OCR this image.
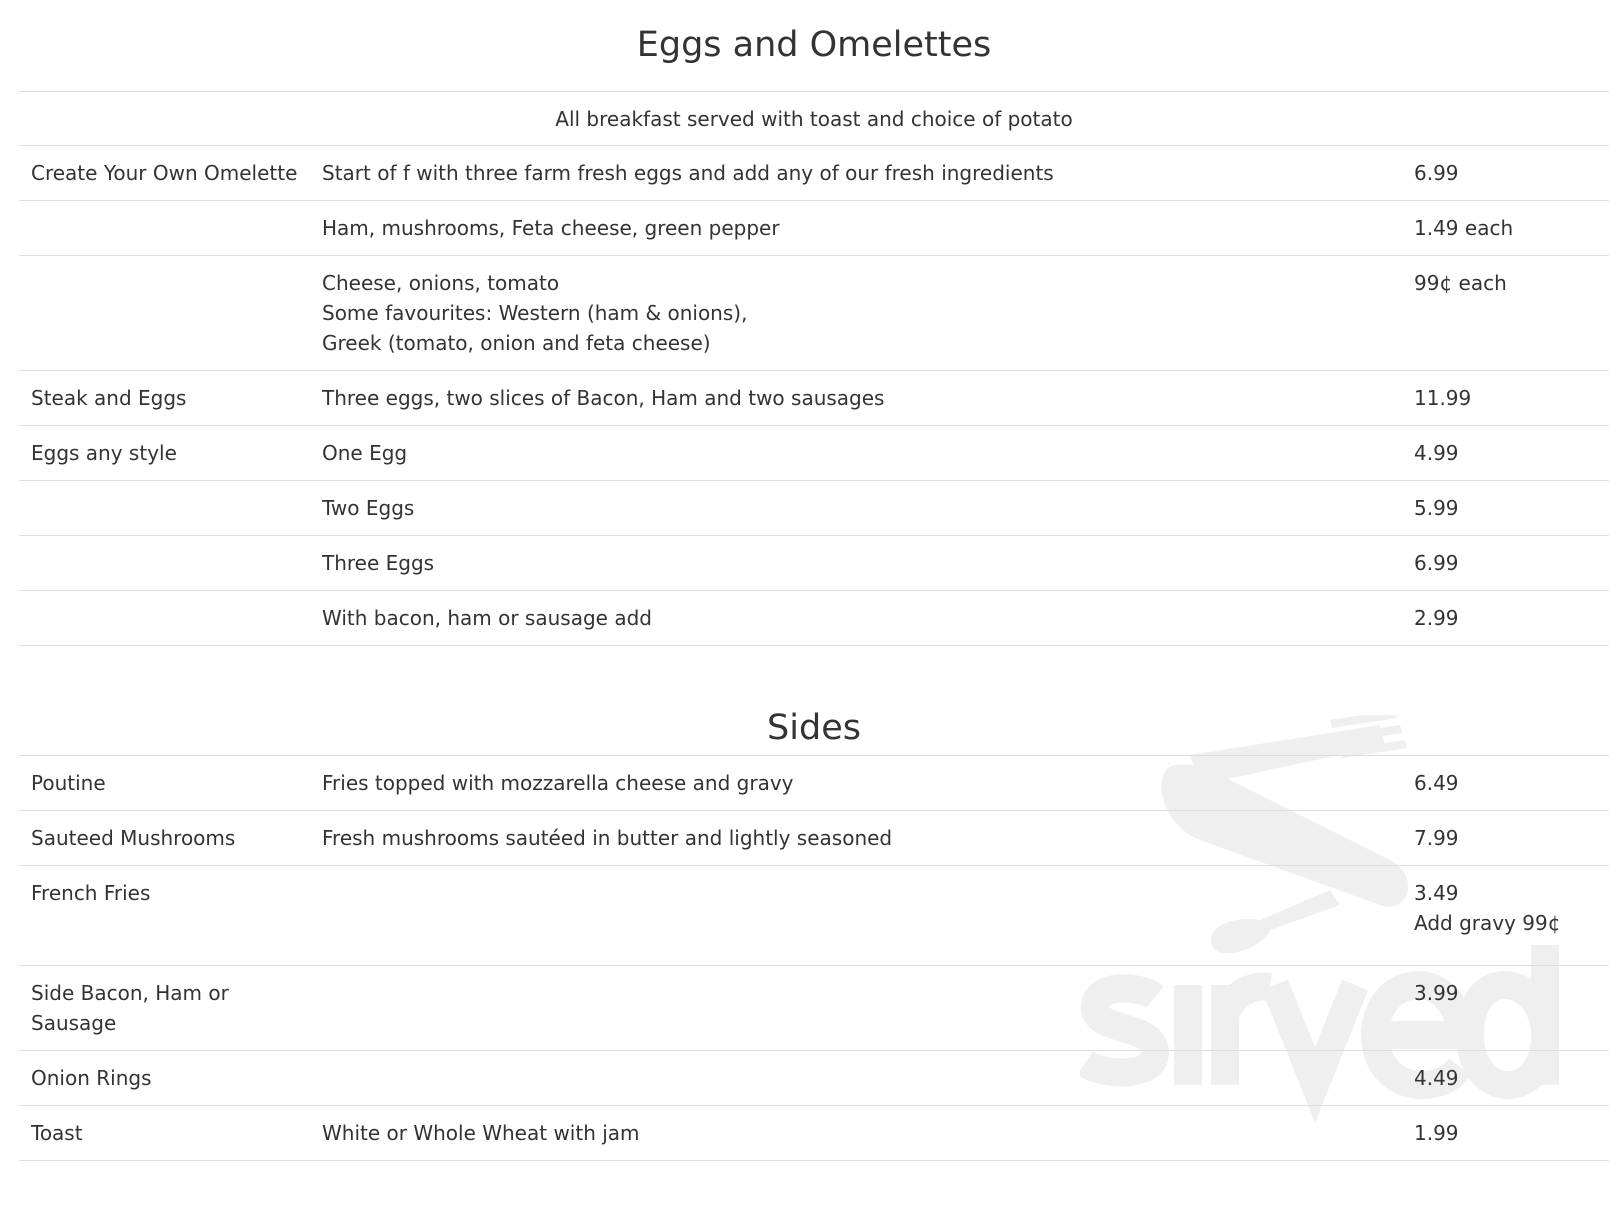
Eggs and Omelettes
All breakfast served with toast and choice of potato		
Create Your Own Omelette	Start of f with three farm fresh eggs and add any of our fresh ingredients	6.99

	Ham, mushrooms, Feta cheese, green pepper	1.49 each

	Cheese, onions, tomato
Some favourites: Western (ham & onions),
Greek (tomato, onion and feta cheese)	99¢ each

Steak and Eggs	Three eggs, two slices of Bacon, Ham and two sausages	11.99

Eggs any style	One Egg	4.99

	Two Eggs	5.99

	Three Eggs	6.99

	With bacon, ham or sausage add	2.99
Sides
Poutine	Fries topped with mozzarella cheese and gravy	6.49

Sauteed Mushrooms	Fresh mushrooms sautéed in butter and lightly seasoned	7.99

French Fries		3.49
Add gravy 99¢

Side Bacon, Ham or Sausage		3.99

Onion Rings		4.49

Toast	White or Whole Wheat with jam	1.99
